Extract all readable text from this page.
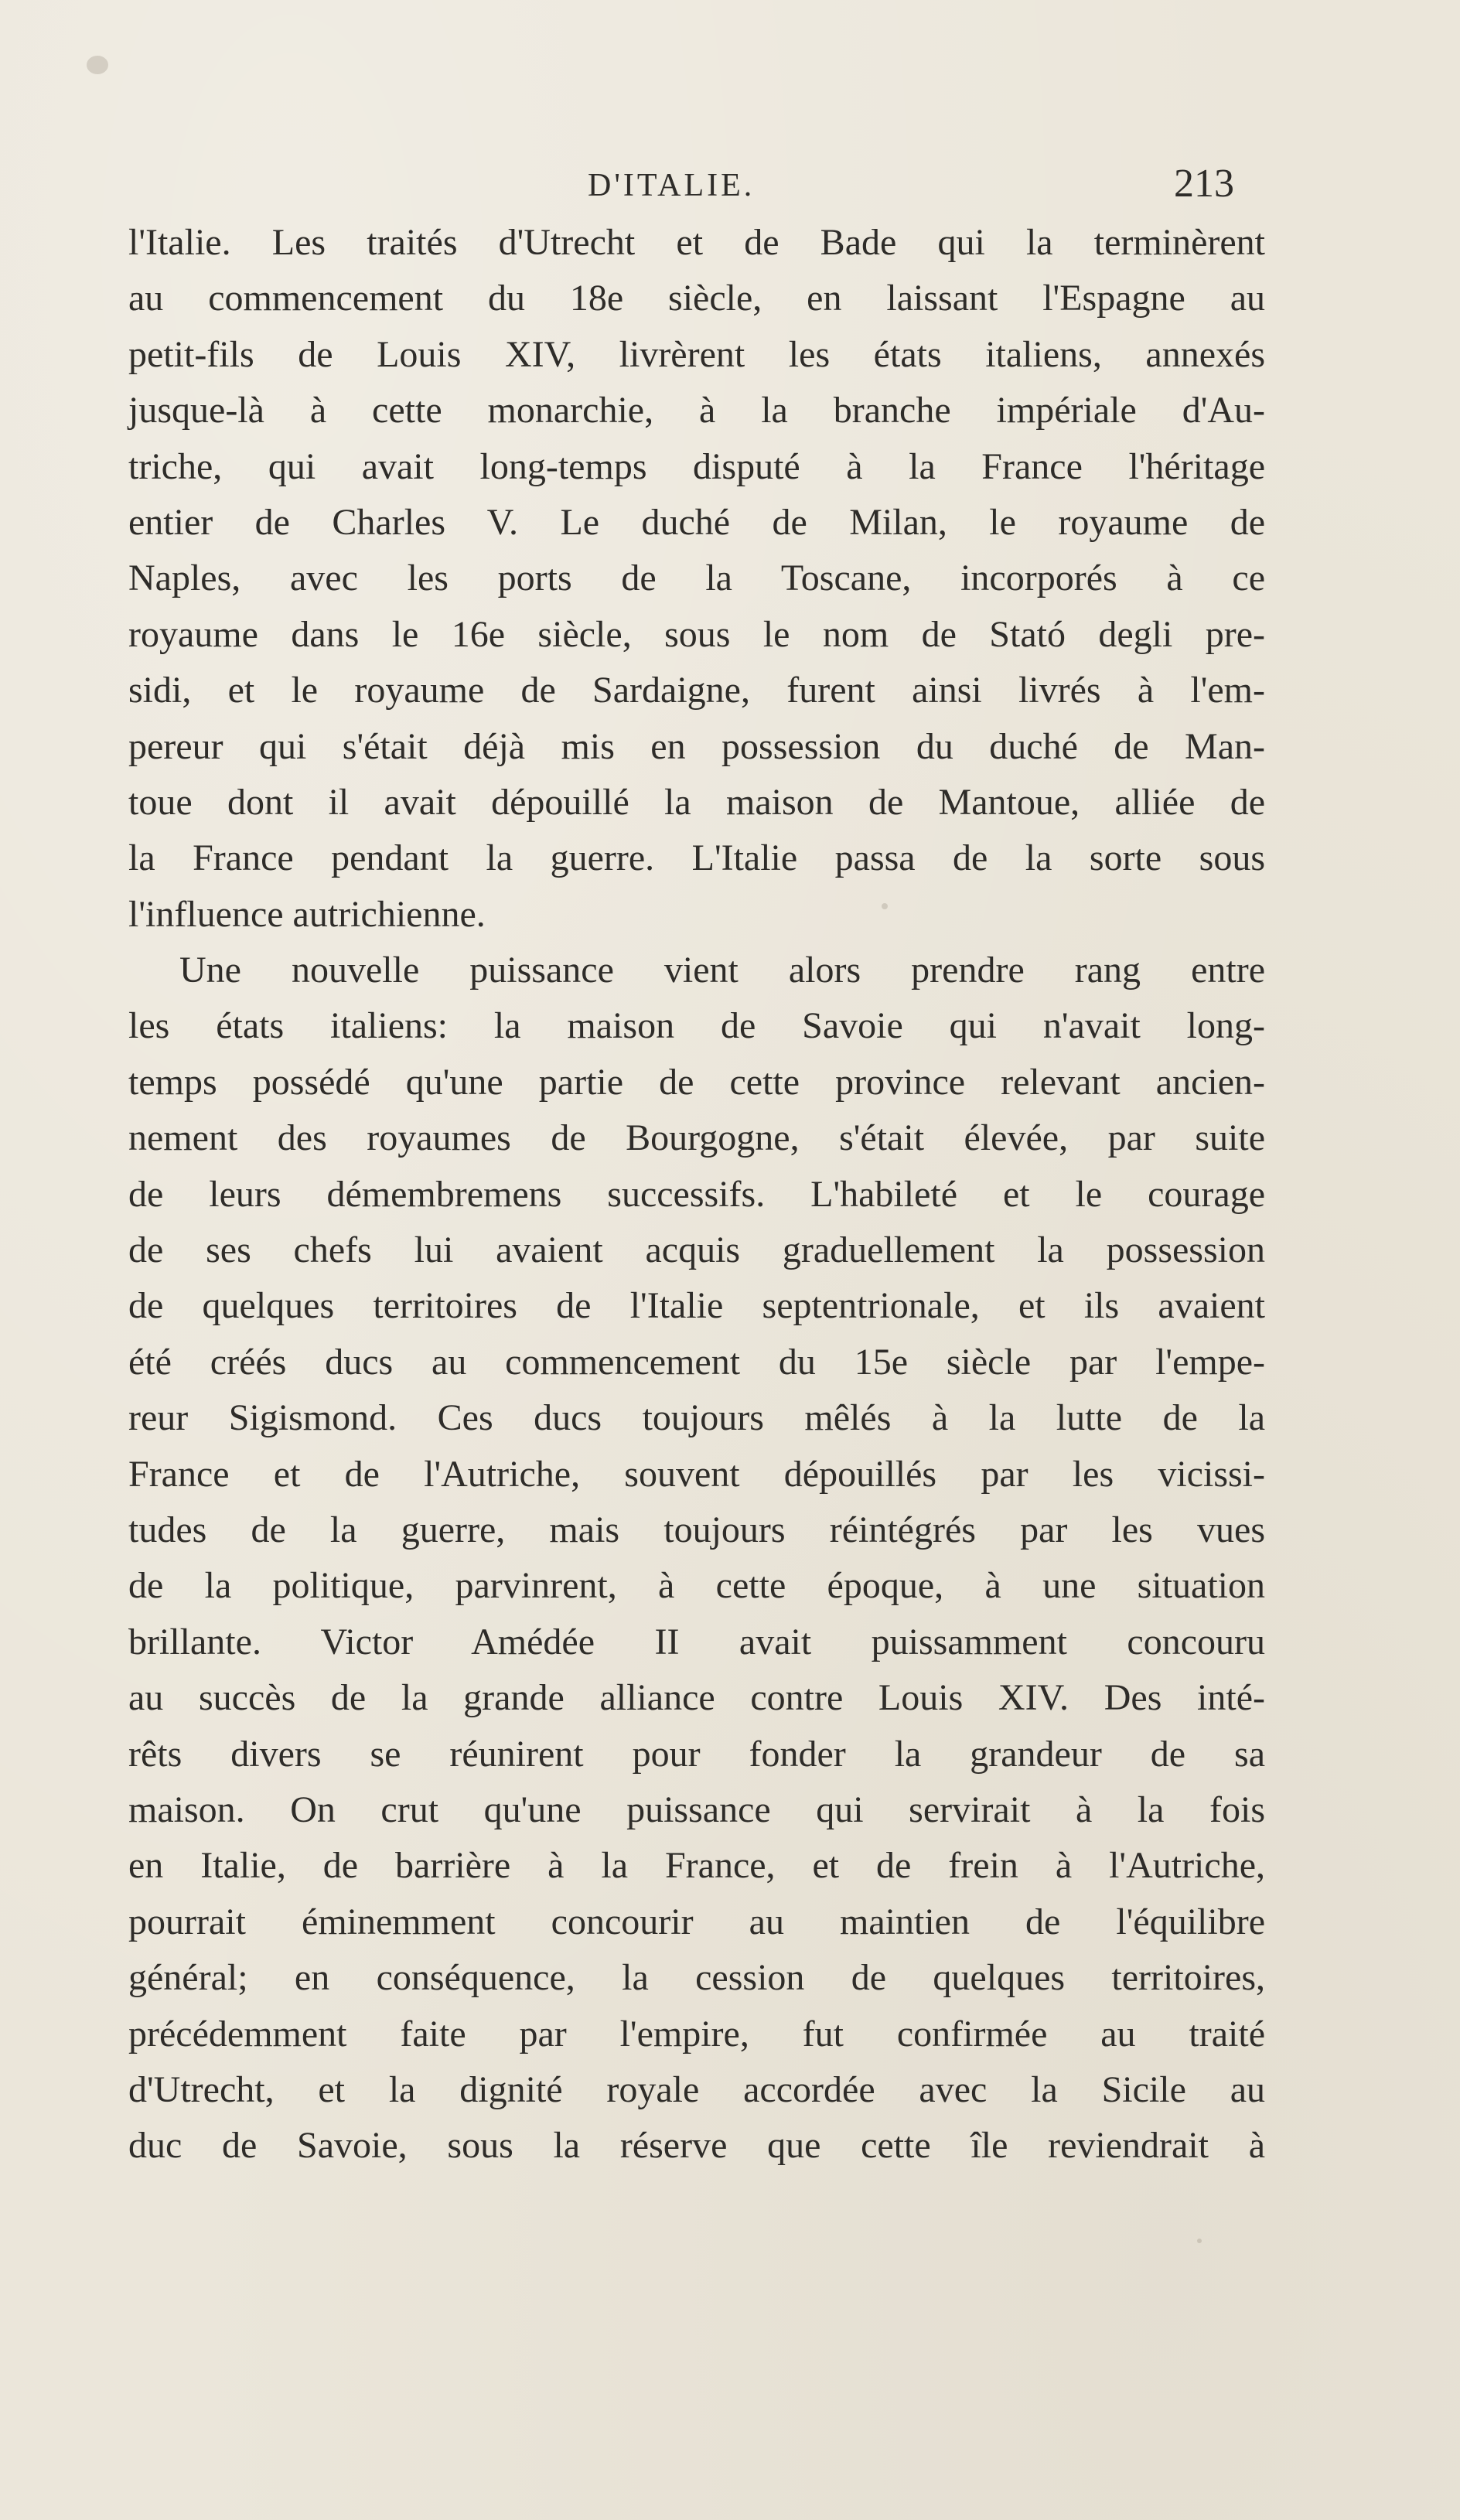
D'ITALIE.	213
l'Italie. Les traités d'Utrecht et de Bade qui la terminèrent
au commencement du 18e siècle, en laissant l'Espagne au
petit-fils de Louis XIV, livrèrent les états italiens, annexés
jusque-là à cette monarchie, à la branche impériale d'Au-
triche, qui avait long-temps disputé à la France l'héritage
entier de Charles V. Le duché de Milan, le royaume de
Naples, avec les ports de la Toscane, incorporés à ce
royaume dans le 16e siècle, sous le nom de Stató degli pre-
sidi, et le royaume de Sardaigne, furent ainsi livrés à l'em-
pereur qui s'était déjà mis en possession du duché de Man-
toue dont il avait dépouillé la maison de Mantoue, alliée de
la France pendant la guerre. L'Italie passa de la sorte sous
l'influence autrichienne.
Une nouvelle puissance vient alors prendre rang entre
les états italiens: la maison de Savoie qui n'avait long-
temps possédé qu'une partie de cette province relevant ancien-
nement des royaumes de Bourgogne, s'était élevée, par suite
de leurs démembremens successifs. L'habileté et le courage
de ses chefs lui avaient acquis graduellement la possession
de quelques territoires de l'Italie septentrionale, et ils avaient
été créés ducs au commencement du 15e siècle par l'empe-
reur Sigismond. Ces ducs toujours mêlés à la lutte de la
France et de l'Autriche, souvent dépouillés par les vicissi-
tudes de la guerre, mais toujours réintégrés par les vues
de la politique, parvinrent, à cette époque, à une situation
brillante. Victor Amédée II avait puissamment concouru
au succès de la grande alliance contre Louis XIV. Des inté-
rêts divers se réunirent pour fonder la grandeur de sa
maison. On crut qu'une puissance qui servirait à la fois
en Italie, de barrière à la France, et de frein à l'Autriche,
pourrait éminemment concourir au maintien de l'équilibre
général; en conséquence, la cession de quelques territoires,
précédemment faite par l'empire, fut confirmée au traité
d'Utrecht, et la dignité royale accordée avec la Sicile au
duc de Savoie, sous la réserve que cette île reviendrait à
